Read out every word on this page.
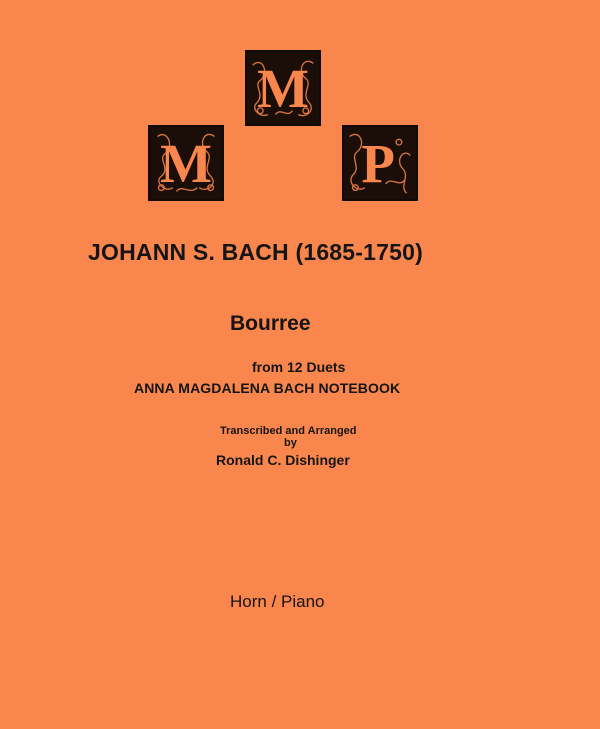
M
M	P
JOHANN S. BACH (1685-1750)
Bourree
from 12 Duets
ANNA MAGDALENA BACH NOTEBOOK
Transcribed and Arranged
by
Ronald C. Dishinger
Horn / Piano
